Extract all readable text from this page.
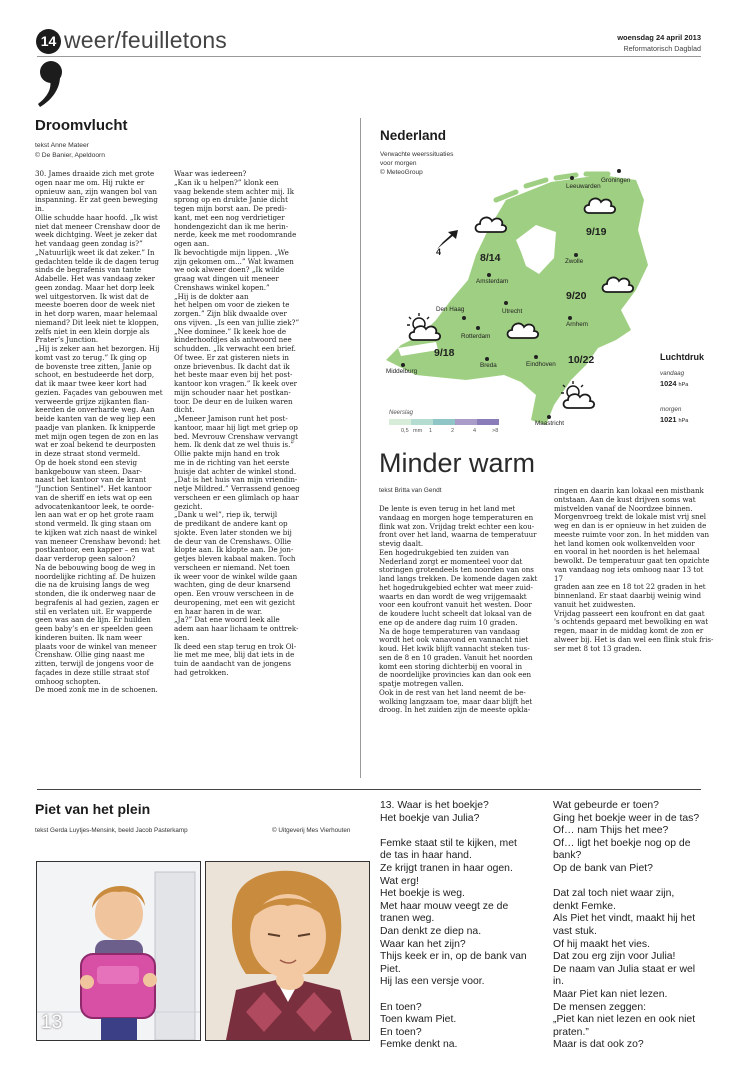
14 weer/feuilletons	woensdag 24 april 2013
Reformatorisch Dagblad
Droomvlucht
tekst Anne Mateer
© De Banier, Apeldoorn
30. James draaide zich met grote
ogen naar me om. Hij rukte er
opnieuw aan, zijn wangen bol van
inspanning. Er zat geen beweging
in.
Ollie schudde haar hoofd. „Ik wist
niet dat meneer Crenshaw door de
week dichtging. Weet je zeker dat
het vandaag geen zondag is?”
„Natuurlijk weet ik dat zeker.” In
gedachten telde ik de dagen terug
sinds de begrafenis van tante
Adabelle. Het was vandaag zeker
geen zondag. Maar het dorp leek
wel uitgestorven. Ik wist dat de
meeste boeren door de week niet
in het dorp waren, maar helemaal
niemand? Dit leek niet te kloppen,
zelfs niet in een klein dorpje als
Prater’s Junction.
„Hij is zeker aan het bezorgen. Hij
komt vast zo terug.” Ik ging op
de bovenste tree zitten, Janie op
schoot, en bestudeerde het dorp,
dat ik maar twee keer kort had
gezien. Façades van gebouwen met
verweerde grijze zijkanten flan-
keerden de onverharde weg. Aan
beide kanten van de weg liep een
paadje van planken. Ik knipperde
met mijn ogen tegen de zon en las
wat er zoal bekend te deurposten
in deze straat stond vermeld.
Op de hoek stond een stevig
bankgebouw van steen. Daar-
naast het kantoor van de krant
"Junction Sentinel". Het kantoor
van de sheriff en iets wat op een
advocatenkantoor leek, te oorde-
len aan wat er op het grote raam
stond vermeld. Ik ging staan om
te kijken wat zich naast de winkel
van meneer Crenshaw bevond: het
postkantoor, een kapper – en wat
daar verderop geen saloon?
Na de bebouwing boog de weg in
noordelijke richting af. De huizen
die na de kruising langs de weg
stonden, die ik onderweg naar de
begrafenis al had gezien, zagen er
stil en verlaten uit. Er wapperde
geen was aan de lijn. Er huilden
geen baby’s en er speelden geen
kinderen buiten. Ik nam weer
plaats voor de winkel van meneer
Crenshaw. Ollie ging naast me
zitten, terwijl de jongens voor de
façades in deze stille straat stof
omhoog schopten.
De moed zonk me in de schoenen.
Waar was iedereen?
„Kan ik u helpen?” klonk een
vaag bekende stem achter mij. Ik
sprong op en drukte Janie dicht
tegen mijn borst aan. De predi-
kant, met een nog verdrietiger
hondengezicht dan ik me herin-
nerde, keek me met roodomrande
ogen aan.
Ik bevochtigde mijn lippen. „We
zijn gekomen om...” Wat kwamen
we ook alweer doen? „Ik wilde
graag wat dingen uit meneer
Crenshaws winkel kopen.”
„Hij is de dokter aan
het helpen om voor de zieken te
zorgen.” Zijn blik dwaalde over
ons vijven. „Is een van jullie ziek?”
„Nee dominee.” Ik keek hoe de
kinderhoofdjes als antwoord nee
schudden. „Ik verwacht een brief.
Of twee. Er zat gisteren niets in
onze brievenbus. Ik dacht dat ik
het beste maar even bij het post-
kantoor kon vragen.” Ik keek over
mijn schouder naar het postkan-
toor. De deur en de luiken waren
dicht.
„Meneer Jamison runt het post-
kantoor, maar hij ligt met griep op
bed. Mevrouw Crenshaw vervangt
hem. Ik denk dat ze wel thuis is.”
Ollie pakte mijn hand en trok
me in de richting van het eerste
huisje dat achter de winkel stond.
„Dat is het huis van mijn vriendin-
netje Mildred.” Verrassend genoeg
verscheen er een glimlach op haar
gezicht.
„Dank u wel”, riep ik, terwijl
de predikant de andere kant op
sjokte. Even later stonden we bij
de deur van de Crenshaws. Ollie
klopte aan. Ik klopte aan. De jon-
getjes bleven kabaal maken. Toch
verscheen er niemand. Net toen
ik weer voor de winkel wilde gaan
wachten, ging de deur knarsend
open. Een vrouw verscheen in de
deuropening, met een wit gezicht
en haar haren in de war.
„Ja?” Dat ene woord leek alle
adem aan haar lichaam te onttrek-
ken.
Ik deed een stap terug en trok Ol-
lie met me mee, blij dat iets in de
tuin de aandacht van de jongens
had getrokken.
Nederland
Verwachte weerssituaties
voor morgen
© MeteoGroup
4	8/14
9/19
9/20
9/18
10/22
Leeuwarden
Groningen
Zwolle
Amsterdam
Den Haag	Utrecht
Rotterdam
Arnhem
Breda	Eindhoven
Middelburg
Maastricht
Neerslag
0,5 mm 1	2	4	>8
Luchtdruk
vandaag
1024 hPa
morgen
1021 hPa
Minder warm
tekst Britta van Gendt
De lente is even terug in het land met
vandaag en morgen hoge temperaturen en
flink wat zon. Vrijdag trekt echter een kou-
front over het land, waarna de temperatuur
stevig daalt.
Een hogedrukgebied ten zuiden van
Nederland zorgt er momenteel voor dat
storingen grotendeels ten noorden van ons
land langs trekken. De komende dagen zakt
het hogedrukgebied echter wat meer zuid-
waarts en dan wordt de weg vrijgemaakt
voor een koufront vanuit het westen. Door
de koudere lucht scheelt dat lokaal van de
ene op de andere dag ruim 10 graden.
Na de hoge temperaturen van vandaag
wordt het ook vanavond en vannacht niet
koud. Het kwik blijft vannacht steken tus-
sen de 8 en 10 graden. Vanuit het noorden
komt een storing dichterbij en vooral in
de noordelijke provincies kan dan ook een
spatje motregen vallen.
Ook in de rest van het land neemt de be-
wolking langzaam toe, maar daar blijft het
droog. In het zuiden zijn de meeste opkla-
ringen en daarin kan lokaal een mistbank
ontstaan. Aan de kust drijven soms wat
mistvelden vanaf de Noordzee binnen.
Morgenvroeg trekt de lokale mist vrij snel
weg en dan is er opnieuw in het zuiden de
meeste ruimte voor zon. In het midden van
het land komen ook wolkenvelden voor
en vooral in het noorden is het helemaal
bewolkt. De temperatuur gaat ten opzichte
van vandaag nog iets omhoog naar 13 tot 17
graden aan zee en 18 tot 22 graden in het
binnenland. Er staat daarbij weinig wind
vanuit het zuidwesten.
Vrijdag passeert een koufront en dat gaat
's ochtends gepaard met bewolking en wat
regen, maar in de middag komt de zon er
alweer bij. Het is dan wel een flink stuk fris-
ser met 8 tot 13 graden.
Piet van het plein
tekst Gerda Luytjes-Mensink, beeld Jacob Pasterkamp	© Uitgeverij Mes Vierhouten
13
13. Waar is het boekje?
Het boekje van Julia?

Femke staat stil te kijken, met
de tas in haar hand.
Ze krijgt tranen in haar ogen.
Wat erg!
Het boekje is weg.
Met haar mouw veegt ze de
tranen weg.
Dan denkt ze diep na.
Waar kan het zijn?
Thijs keek er in, op de bank van
Piet.
Hij las een versje voor.

En toen?
Toen kwam Piet.
En toen?
Femke denkt na.
Wat gebeurde er toen?
Ging het boekje weer in de tas?
Of… nam Thijs het mee?
Of… ligt het boekje nog op de
bank?
Op de bank van Piet?

Dat zal toch niet waar zijn,
denkt Femke.
Als Piet het vindt, maakt hij het
vast stuk.
Of hij maakt het vies.
Dat zou erg zijn voor Julia!
De naam van Julia staat er wel
in.
Maar Piet kan niet lezen.
De mensen zeggen:
„Piet kan niet lezen en ook niet
praten.”
Maar is dat ook zo?
